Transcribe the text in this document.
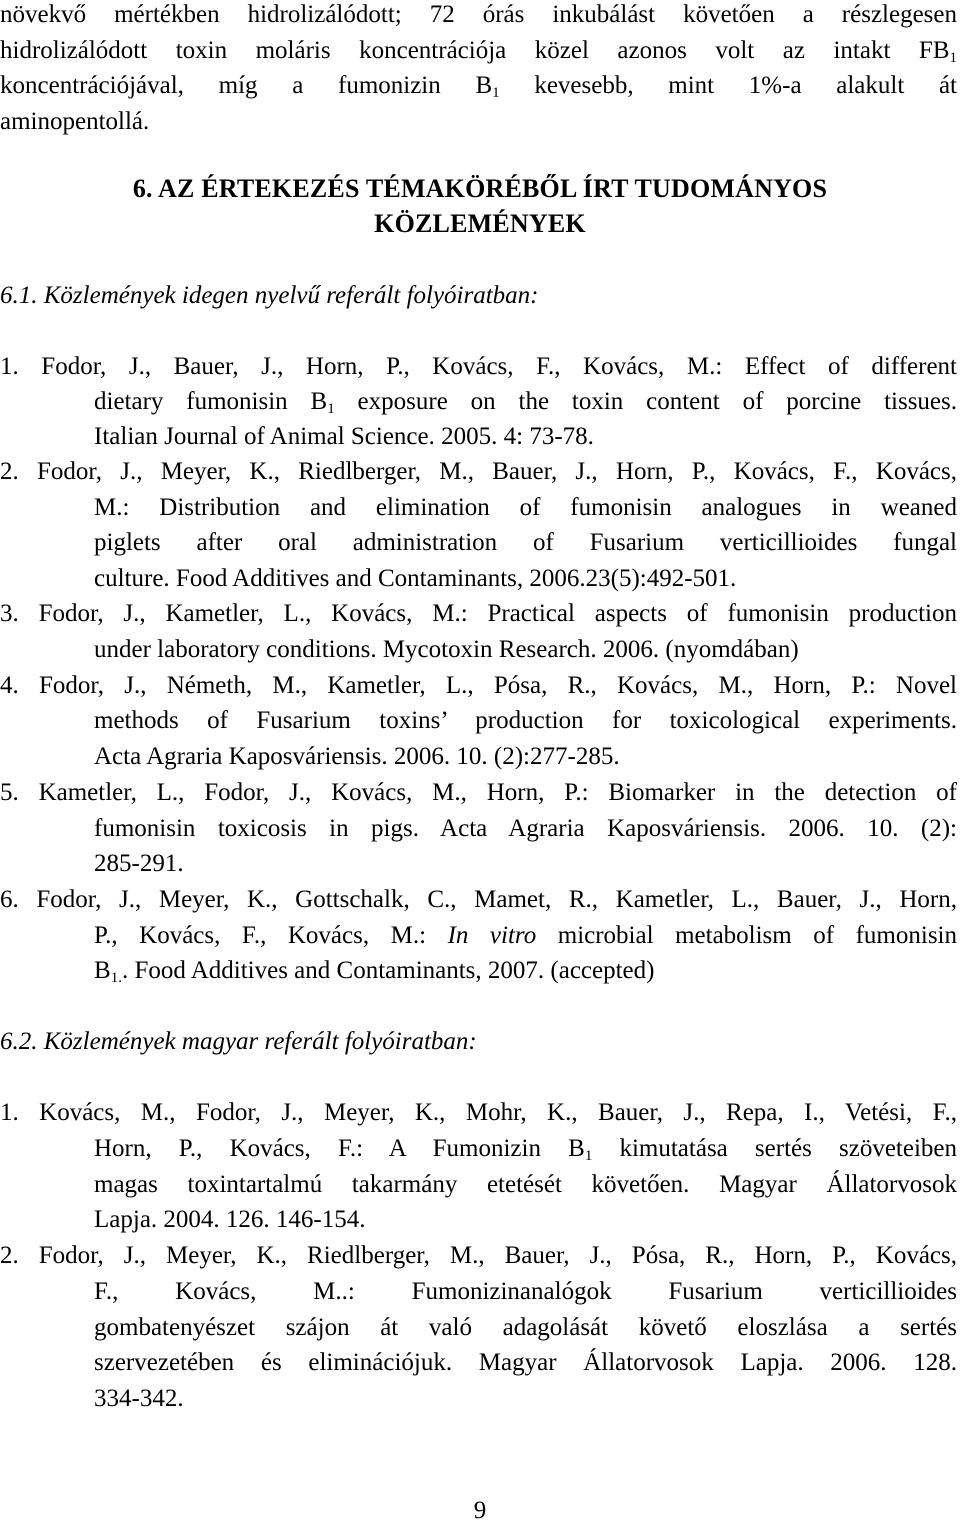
növekvő mértékben hidrolizálódott; 72 órás inkubálást követően a részlegesen
hidrolizálódott toxin moláris koncentrációja közel azonos volt az intakt $FB_1$
koncentrációjával, míg a fumonizin $B_1$ kevesebb, mint 1%-a alakult át
aminopentollá.
6. AZ ÉRTEKEZÉS TÉMAKÖRÉBŐL ÍRT TUDOMÁNYOS
KÖZLEMÉNYEK
6.1. Közlemények idegen nyelvű referált folyóiratban:
1. Fodor, J., Bauer, J., Horn, P., Kovács, F., Kovács, M.: Effect of different
dietary fumonisin $B_1$ exposure on the toxin content of porcine tissues.
Italian Journal of Animal Science. 2005. 4: 73-78.
2. Fodor, J., Meyer, K., Riedlberger, M., Bauer, J., Horn, P., Kovács, F., Kovács,
M.: Distribution and elimination of fumonisin analogues in weaned
piglets after oral administration of Fusarium verticillioides fungal
culture. Food Additives and Contaminants, 2006.23(5):492-501.
3. Fodor, J., Kametler, L., Kovács, M.: Practical aspects of fumonisin production
under laboratory conditions. Mycotoxin Research. 2006. (nyomdában)
4. Fodor, J., Németh, M., Kametler, L., Pósa, R., Kovács, M., Horn, P.: Novel
methods of Fusarium toxins’ production for toxicological experiments.
Acta Agraria Kaposváriensis. 2006. 10. (2):277-285.
5. Kametler, L., Fodor, J., Kovács, M., Horn, P.: Biomarker in the detection of
fumonisin toxicosis in pigs. Acta Agraria Kaposváriensis. 2006. 10. (2):
285-291.
6. Fodor, J., Meyer, K., Gottschalk, C., Mamet, R., Kametler, L., Bauer, J., Horn,
P., Kovács, F., Kovács, M.: In vitro microbial metabolism of fumonisin
$B_{1.}$. Food Additives and Contaminants, 2007. (accepted)
6.2. Közlemények magyar referált folyóiratban:
1. Kovács, M., Fodor, J., Meyer, K., Mohr, K., Bauer, J., Repa, I., Vetési, F.,
Horn, P., Kovács, F.: A Fumonizin $B_1$ kimutatása sertés szöveteiben
magas toxintartalmú takarmány etetését követően. Magyar Állatorvosok
Lapja. 2004. 126. 146-154.
2. Fodor, J., Meyer, K., Riedlberger, M., Bauer, J., Pósa, R., Horn, P., Kovács,
F., Kovács, M..: Fumonizinanalógok Fusarium verticillioides
gombatenyészet szájon át való adagolását követő eloszlása a sertés
szervezetében és eliminációjuk. Magyar Állatorvosok Lapja. 2006. 128.
334-342.
9
